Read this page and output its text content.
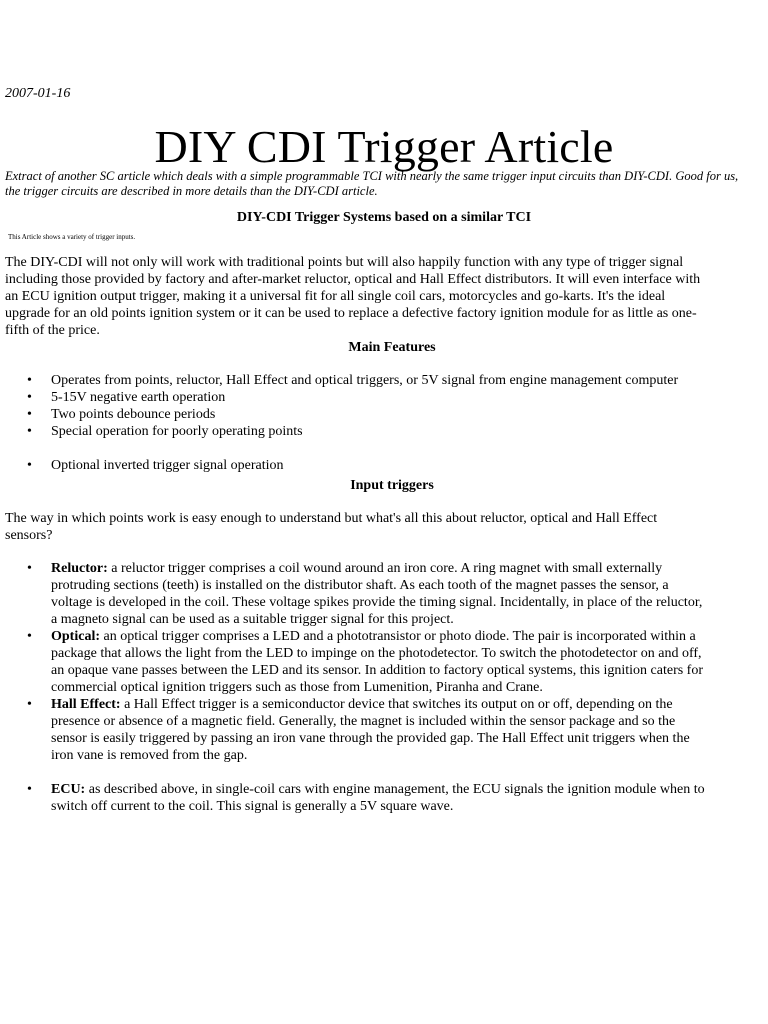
2007-01-16
DIY CDI Trigger Article
Extract of another SC article which deals with a simple programmable TCI with nearly the same trigger input circuits than DIY-CDI. Good for us,
the trigger circuits are described in more details than the DIY-CDI article.
DIY-CDI Trigger Systems based on a similar TCI
This Article shows a variety of trigger inputs.
The DIY-CDI will not only will work with traditional points but will also happily function with any type of trigger signal
including those provided by factory and after-market reluctor, optical and Hall Effect distributors. It will even interface with
an ECU ignition output trigger, making it a universal fit for all single coil cars, motorcycles and go-karts. It's the ideal
upgrade for an old points ignition system or it can be used to replace a defective factory ignition module for as little as one-
fifth of the price.
Main Features
• Operates from points, reluctor, Hall Effect and optical triggers, or 5V signal from engine management computer
• 5-15V negative earth operation
• Two points debounce periods
• Special operation for poorly operating points
• Optional inverted trigger signal operation
Input triggers
The way in which points work is easy enough to understand but what's all this about reluctor, optical and Hall Effect
sensors?
• Reluctor: a reluctor trigger comprises a coil wound around an iron core. A ring magnet with small externally
protruding sections (teeth) is installed on the distributor shaft. As each tooth of the magnet passes the sensor, a
voltage is developed in the coil. These voltage spikes provide the timing signal. Incidentally, in place of the reluctor,
a magneto signal can be used as a suitable trigger signal for this project.
• Optical: an optical trigger comprises a LED and a phototransistor or photo diode. The pair is incorporated within a
package that allows the light from the LED to impinge on the photodetector. To switch the photodetector on and off,
an opaque vane passes between the LED and its sensor. In addition to factory optical systems, this ignition caters for
commercial optical ignition triggers such as those from Lumenition, Piranha and Crane.
• Hall Effect: a Hall Effect trigger is a semiconductor device that switches its output on or off, depending on the
presence or absence of a magnetic field. Generally, the magnet is included within the sensor package and so the
sensor is easily triggered by passing an iron vane through the provided gap. The Hall Effect unit triggers when the
iron vane is removed from the gap.
• ECU: as described above, in single-coil cars with engine management, the ECU signals the ignition module when to
switch off current to the coil. This signal is generally a 5V square wave.
